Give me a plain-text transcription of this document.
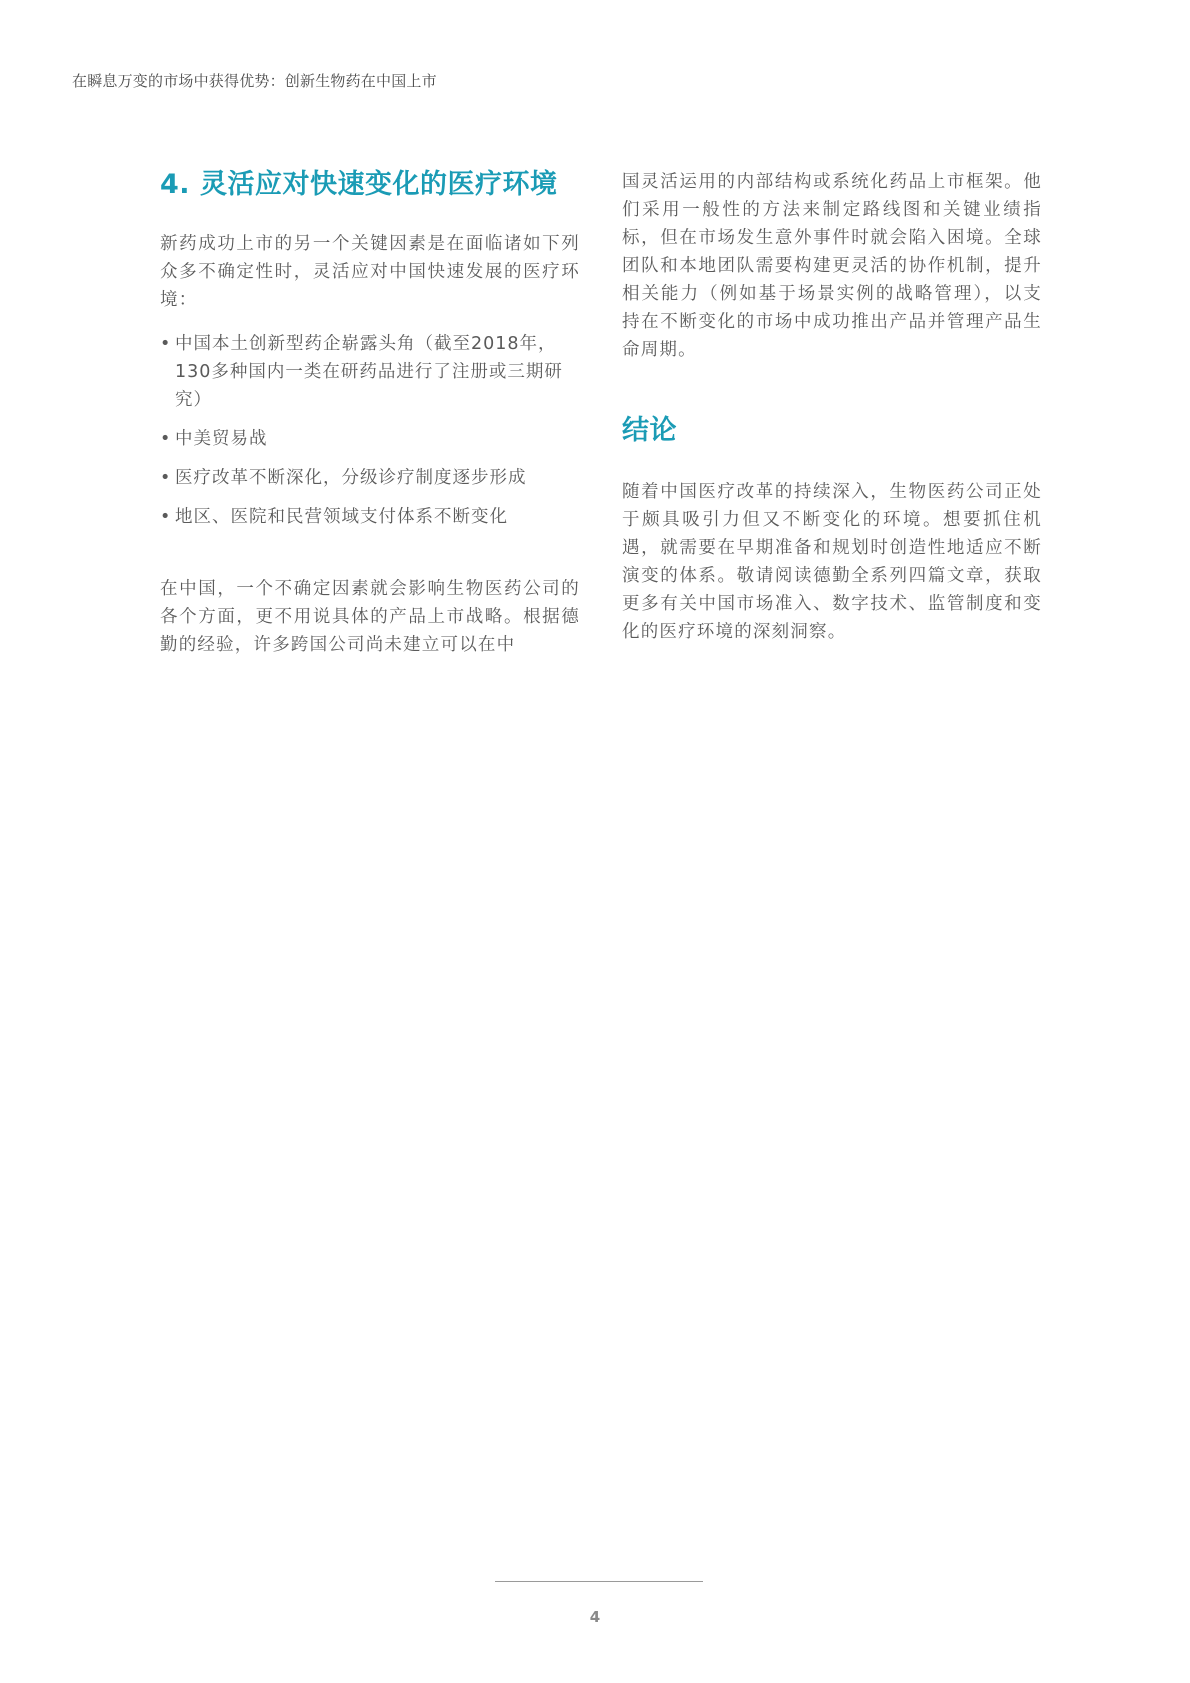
在瞬息万变的市场中获得优势：创新生物药在中国上市
4. 灵活应对快速变化的医疗环境

新药成功上市的另一个关键因素是在面临诸如下列众多不确定性时，灵活应对中国快速发展的医疗环境：

• 中国本土创新型药企崭露头角（截至2018年，130多种国内一类在研药品进行了注册或三期研究）
• 中美贸易战
• 医疗改革不断深化，分级诊疗制度逐步形成
• 地区、医院和民营领域支付体系不断变化

在中国，一个不确定因素就会影响生物医药公司的各个方面，更不用说具体的产品上市战略。根据德勤的经验，许多跨国公司尚未建立可以在中

国灵活运用的内部结构或系统化药品上市框架。他们采用一般性的方法来制定路线图和关键业绩指标，但在市场发生意外事件时就会陷入困境。全球团队和本地团队需要构建更灵活的协作机制，提升相关能力（例如基于场景实例的战略管理），以支持在不断变化的市场中成功推出产品并管理产品生命周期。

结论

随着中国医疗改革的持续深入，生物医药公司正处于颇具吸引力但又不断变化的环境。想要抓住机遇，就需要在早期准备和规划时创造性地适应不断演变的体系。敬请阅读德勤全系列四篇文章，获取更多有关中国市场准入、数字技术、监管制度和变化的医疗环境的深刻洞察。

4
